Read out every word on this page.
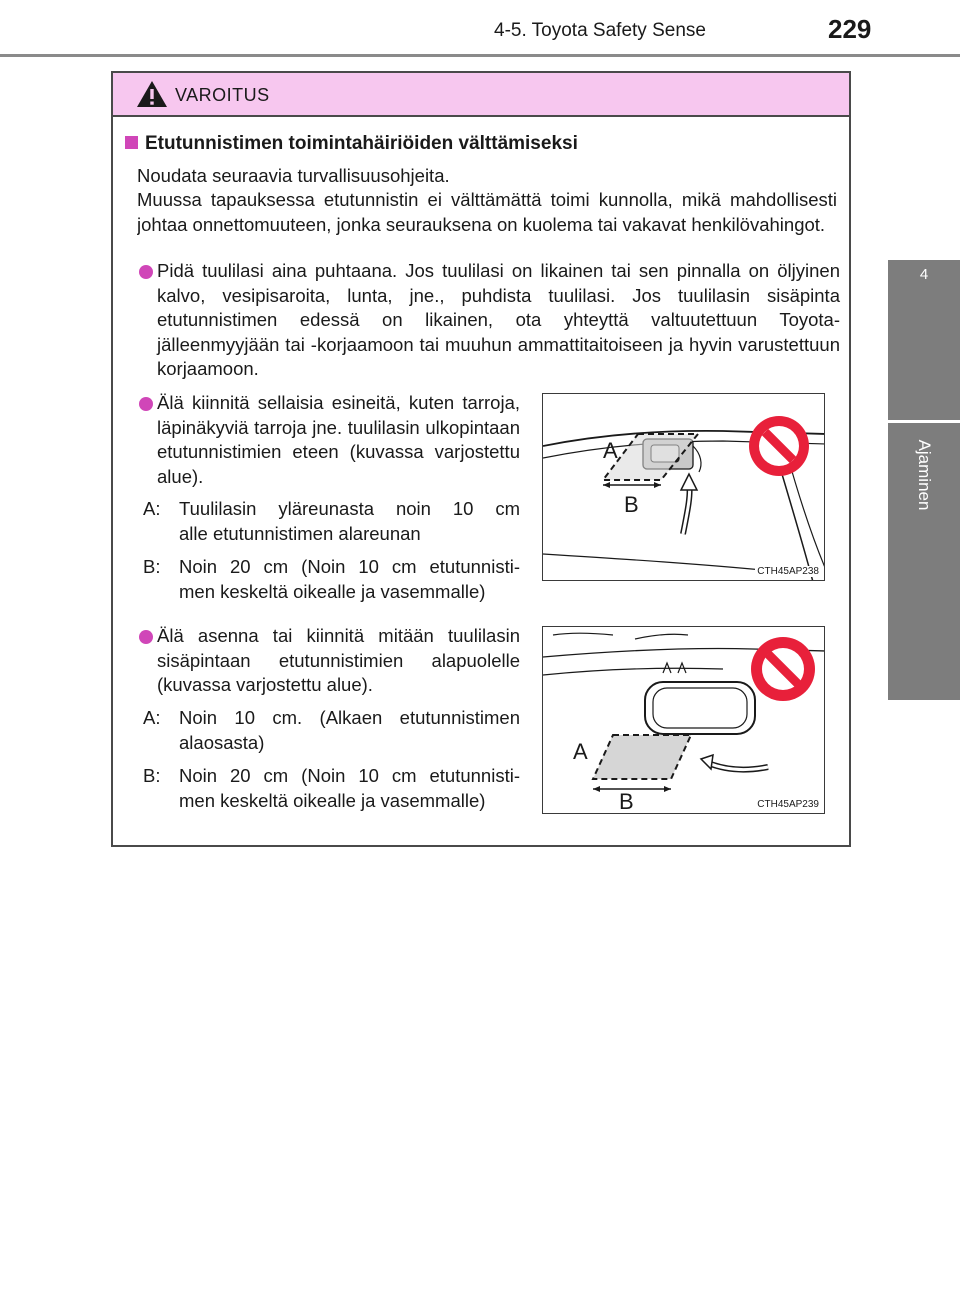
4-5. Toyota Safety Sense	229
4
Ajaminen
VAROITUS
Etutunnistimen toimintahäiriöiden välttämiseksi
Noudata seuraavia turvallisuusohjeita.
Muussa tapauksessa etutunnistin ei välttämättä toimi kunnolla, mikä mahdollisesti johtaa onnettomuuteen, jonka seurauksena on kuolema tai vakavat henkilövahingot.
Pidä tuulilasi aina puhtaana. Jos tuulilasi on likainen tai sen pinnalla on öljyinen kalvo, vesipisaroita, lunta, jne., puhdista tuulilasi. Jos tuulilasin sisäpinta etutunnistimen edessä on likainen, ota yhteyttä valtuutettuun Toyota-jälleenmyyjään tai -korjaamoon tai muuhun ammattitaitoiseen ja hyvin varustettuun korjaamoon.
Älä kiinnitä sellaisia esineitä, kuten tarroja, läpinäkyviä tarroja jne. tuulilasin ulkopintaan etutunnistimien eteen (kuvassa varjostettu alue).
A: Tuulilasin yläreunasta noin 10 cm
alle etutunnistimen alareunan
B: Noin 20 cm (Noin 10 cm etutunnisti-
men keskeltä oikealle ja vasemmalle)
Älä asenna tai kiinnitä mitään tuulilasin sisäpintaan etutunnistimien alapuolelle (kuvassa varjostettu alue).
A: Noin 10 cm. (Alkaen etutunnistimen
alaosasta)
B: Noin 20 cm (Noin 10 cm etutunnisti-
men keskeltä oikealle ja vasemmalle)
A
B
CTH45AP238
A
B	CTH45AP239
